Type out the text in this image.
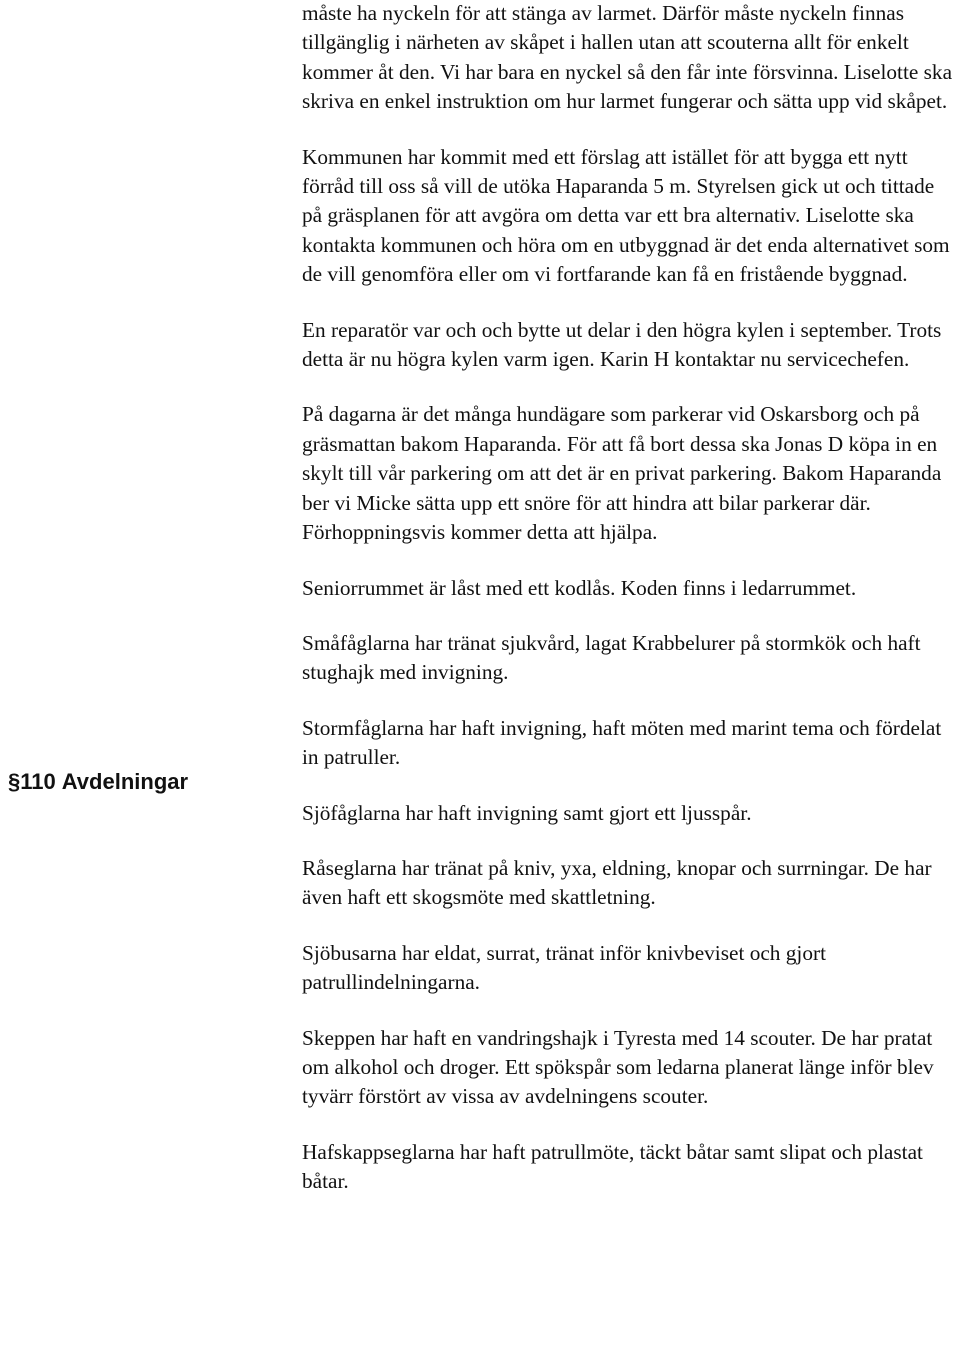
§110 Avdelningar

måste ha nyckeln för att stänga av larmet. Därför måste nyckeln finnas tillgänglig i närheten av skåpet i hallen utan att scouterna allt för enkelt kommer åt den. Vi har bara en nyckel så den får inte försvinna. Liselotte ska skriva en enkel instruktion om hur larmet fungerar och sätta upp vid skåpet.

Kommunen har kommit med ett förslag att istället för att bygga ett nytt förråd till oss så vill de utöka Haparanda 5 m. Styrelsen gick ut och tittade på gräsplanen för att avgöra om detta var ett bra alternativ. Liselotte ska kontakta kommunen och höra om en utbyggnad är det enda alternativet som de vill genomföra eller om vi fortfarande kan få en fristående byggnad.

En reparatör var och och bytte ut delar i den högra kylen i september. Trots detta är nu högra kylen varm igen. Karin H kontaktar nu servicechefen.

På dagarna är det många hundägare som parkerar vid Oskarsborg och på gräsmattan bakom Haparanda. För att få bort dessa ska Jonas D köpa in en skylt till vår parkering om att det är en privat parkering. Bakom Haparanda ber vi Micke sätta upp ett snöre för att hindra att bilar parkerar där. Förhoppningsvis kommer detta att hjälpa.

Seniorrummet är låst med ett kodlås. Koden finns i ledarrummet.

Småfåglarna har tränat sjukvård, lagat Krabbelurer på stormkök och haft stughajk med invigning.

Stormfåglarna har haft invigning, haft möten med marint tema och fördelat in patruller.

Sjöfåglarna har haft invigning samt gjort ett ljusspår.

Råseglarna har tränat på kniv, yxa, eldning, knopar och surrningar. De har även haft ett skogsmöte med skattletning.

Sjöbusarna har eldat, surrat, tränat inför knivbeviset och gjort patrullindelningarna.

Skeppen har haft en vandringshajk i Tyresta med 14 scouter. De har pratat om alkohol och droger. Ett spökspår som ledarna planerat länge inför blev tyvärr förstört av vissa av avdelningens scouter.

Hafskappseglarna har haft patrullmöte, täckt båtar samt slipat och plastat båtar.
